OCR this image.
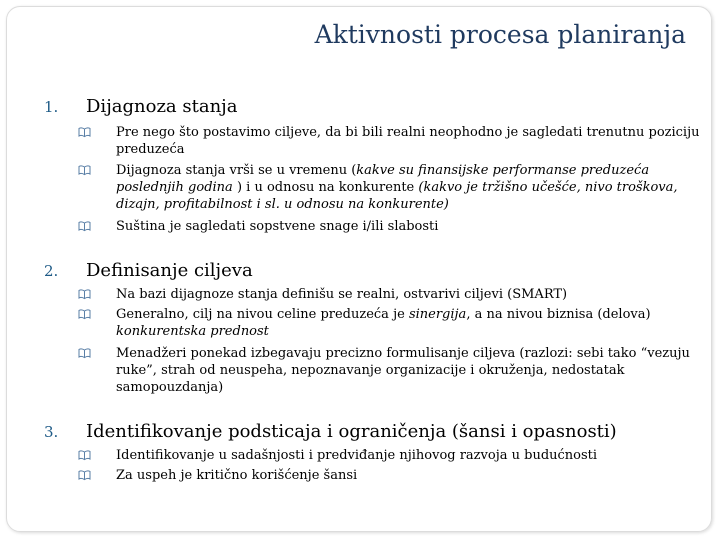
Aktivnosti procesa planiranja
1. Dijagnoza stanja
Pre nego što postavimo ciljeve, da bi bili realni neophodno je sagledati trenutnu poziciju
preduzeća
Dijagnoza stanja vrši se u vremenu (kakve su finansijske performanse preduzeća
poslednjih godina ) i u odnosu na konkurente (kakvo je tržišno učešće, nivo troškova,
dizajn, profitabilnost i sl. u odnosu na konkurente)
Suština je sagledati sopstvene snage i/ili slabosti
2. Definisanje ciljeva
Na bazi dijagnoze stanja definišu se realni, ostvarivi ciljevi (SMART)
Generalno, cilj na nivou celine preduzeća je sinergija, a na nivou biznisa (delova)
konkurentska prednost
Menadžeri ponekad izbegavaju precizno formulisanje ciljeva (razlozi: sebi tako “vezuju
ruke”, strah od neuspeha, nepoznavanje organizacije i okruženja, nedostatak
samopouzdanja)
3. Identifikovanje podsticaja i ograničenja (šansi i opasnosti)
Identifikovanje u sadašnjosti i predviđanje njihovog razvoja u budućnosti
Za uspeh je kritično korišćenje šansi
